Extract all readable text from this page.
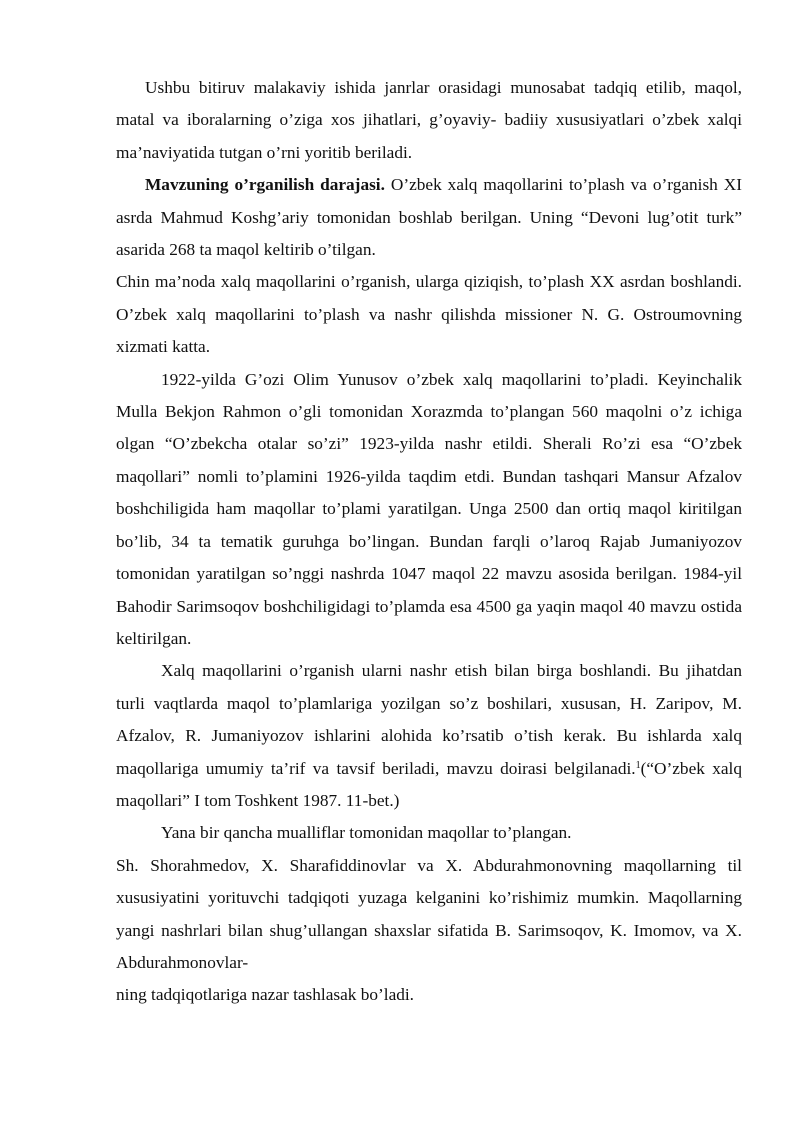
Ushbu bitiruv malakaviy ishida janrlar orasidagi munosabat tadqiq etilib, maqol, matal va iboralarning o’ziga xos jihatlari, g’oyaviy- badiiy xususiyatlari o’zbek xalqi ma’naviyatida tutgan o’rni yoritib beriladi.

Mavzuning o’rganilish darajasi. O’zbek xalq maqollarini to’plash va o’rganish XI asrda Mahmud Koshg’ariy tomonidan boshlab berilgan. Uning “Devoni lug’otit turk” asarida 268 ta maqol keltirib o’tilgan.

Chin ma’noda xalq maqollarini o’rganish, ularga qiziqish, to’plash XX asrdan boshlandi. O’zbek xalq maqollarini to’plash va nashr qilishda missioner N. G. Ostroumovning xizmati katta.

1922-yilda G’ozi Olim Yunusov o’zbek xalq maqollarini to’pladi. Keyinchalik Mulla Bekjon Rahmon o’gli tomonidan Xorazmda to’plangan 560 maqolni o’z ichiga olgan “O’zbekcha otalar so’zi” 1923-yilda nashr etildi. Sherali Ro’zi esa “O’zbek maqollari” nomli to’plamini 1926-yilda taqdim etdi. Bundan tashqari Mansur Afzalov boshchiligida ham maqollar to’plami yaratilgan. Unga 2500 dan ortiq maqol kiritilgan bo’lib, 34 ta tematik guruhga bo’lingan. Bundan farqli o’laroq Rajab Jumaniyozov tomonidan yaratilgan so’nggi nashrda 1047 maqol 22 mavzu asosida berilgan. 1984-yil Bahodir Sarimsoqov boshchiligidagi to’plamda esa 4500 ga yaqin maqol 40 mavzu ostida keltirilgan.

Xalq maqollarini o’rganish ularni nashr etish bilan birga boshlandi. Bu jihatdan turli vaqtlarda maqol to’plamlariga yozilgan so’z boshilari, xususan, H. Zaripov, M. Afzalov, R. Jumaniyozov ishlarini alohida ko’rsatib o’tish kerak. Bu ishlarda xalq maqollariga umumiy ta’rif va tavsif beriladi, mavzu doirasi belgilanadi.$^1$(“O’zbek xalq maqollari” I tom Toshkent 1987. 11-bet.)

Yana bir qancha mualliflar tomonidan maqollar to’plangan.

Sh. Shorahmedov, X. Sharafiddinovlar va X. Abdurahmonovning maqollarning til xususiyatini yorituvchi tadqiqoti yuzaga kelganini ko’rishimiz mumkin. Maqollarning yangi nashrlari bilan shug’ullangan shaxslar sifatida B. Sarimsoqov, K. Imomov, va X. Abdurahmonovlar-

ning tadqiqotlariga nazar tashlasak bo’ladi.
